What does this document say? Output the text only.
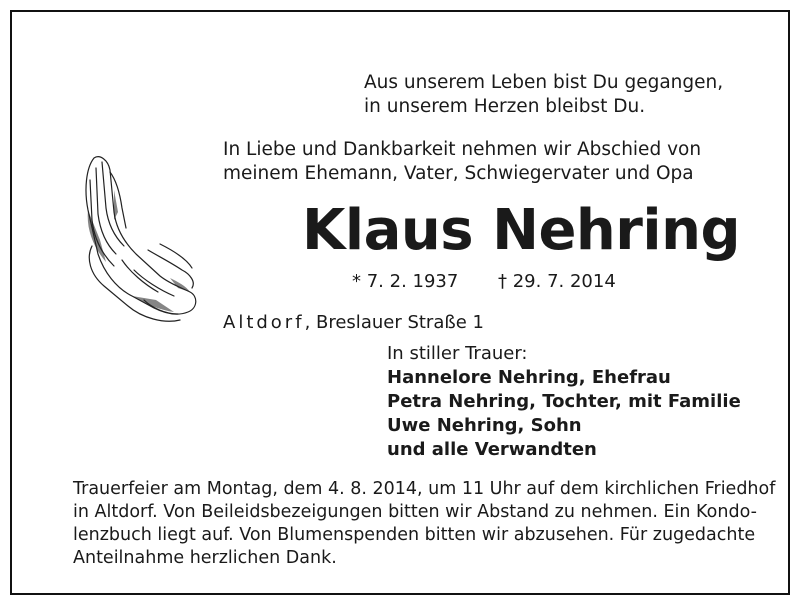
Aus unserem Leben bist Du gegangen,
in unserem Herzen bleibst Du.
In Liebe und Dankbarkeit nehmen wir Abschied von
meinem Ehemann, Vater, Schwiegervater und Opa
Klaus Nehring
* 7. 2. 1937 † 29. 7. 2014
Altdorf, Breslauer Straße 1
In stiller Trauer:
Hannelore Nehring, Ehefrau
Petra Nehring, Tochter, mit Familie
Uwe Nehring, Sohn
und alle Verwandten
Trauerfeier am Montag, dem 4. 8. 2014, um 11 Uhr auf dem kirchlichen Friedhof
in Altdorf. Von Beileidsbezeigungen bitten wir Abstand zu nehmen. Ein Kondo-
lenzbuch liegt auf. Von Blumenspenden bitten wir abzusehen. Für zugedachte
Anteilnahme herzlichen Dank.
